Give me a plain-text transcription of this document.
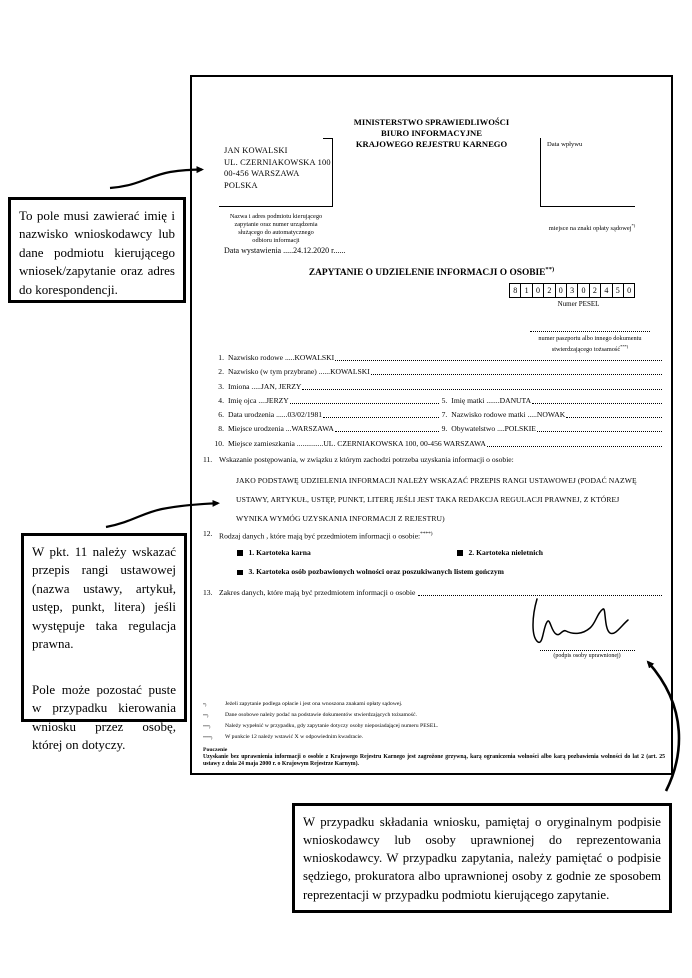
To pole musi zawierać imię i nazwisko wnioskodawcy lub dane podmiotu kierującego wniosek/zapytanie oraz adres do korespondencji.

W pkt. 11 należy wskazać przepis rangi ustawowej (nazwa ustawy, artykuł, ustęp, punkt, litera) jeśli występuje taka regulacja prawna.

Pole może pozostać puste w przypadku kierowania wniosku przez osobę, której on dotyczy.

W przypadku składania wniosku, pamiętaj o oryginalnym podpisie wnioskodawcy lub osoby uprawnionej do reprezentowania wnioskodawcy. W przypadku zapytania, należy pamiętać o podpisie sędziego, prokuratora albo uprawnionej osoby z godnie ze sposobem reprezentacji w przypadku podmiotu kierującego zapytanie.

MINISTERSTWO SPRAWIEDLIWOŚCI
BIURO INFORMACYJNE
KRAJOWEGO REJESTRU KARNEGO
JAN KOWALSKI
UL. CZERNIAKOWSKA 100
00-456 WARSZAWA
POLSKA
Nazwa i adres podmiotu kierującego
zapytanie oraz numer urządzenia
służącego do automatycznego
odbioru informacji
Data wpływu
miejsce na znaki opłaty sądowej*)
Data wystawienia .....24.12.2020 r......
ZAPYTANIE O UDZIELENIE INFORMACJI O OSOBIE**)
8 1 0 2 0 3 0 2 4 5 0
Numer PESEL
numer paszportu albo innego dokumentu
stwierdzającego tożsamość***)
1. Nazwisko rodowe
.....KOWALSKI
2. Nazwisko (w tym przybrane)
......KOWALSKI
3. Imiona
.....JAN, JERZY
4. Imię ojca
....JERZY	5. Imię matki
.......DANUTA
6. Data urodzenia
......03/02/1981	7. Nazwisko rodowe matki
.....NOWAK
8. Miejsce urodzenia
...WARSZAWA	9. Obywatelstwo
....POLSKIE
10. Miejsce zamieszkania
..............UL. CZERNIAKOWSKA 100, 00-456 WARSZAWA
11. Wskazanie postępowania, w związku z którym zachodzi potrzeba uzyskania informacji o osobie:
JAKO PODSTAWĘ UDZIELENIA INFORMACJI NALEŻY WSKAZAĆ PRZEPIS RANGI USTAWOWEJ (PODAĆ NAZWĘ USTAWY, ARTYKUŁ, USTĘP, PUNKT, LITERĘ JEŚLI JEST TAKA REDAKCJA REGULACJI PRAWNEJ, Z KTÓREJ WYNIKA WYMÓG UZYSKANIA INFORMACJI Z REJESTRU)
12. Rodzaj danych , które mają być przedmiotem informacji o osobie:****)
1. Kartoteka karna	2. Kartoteka nieletnich
3. Kartoteka osób pozbawionych wolności oraz poszukiwanych listem gończym
13. Zakres danych, które mają być przedmiotem informacji o osobie

(podpis osoby uprawnionej)
*)	Jeżeli zapytanie podlega opłacie i jest ona wnoszona znakami opłaty sądowej.
**)	Dane osobowe należy podać na podstawie dokumentów stwierdzających tożsamość.
***)	Należy wypełnić w przypadku, gdy zapytanie dotyczy osoby nieposiadającej numeru PESEL.
****)	W punkcie 12 należy wstawić X w odpowiednim kwadracie.
Pouczenie
Uzyskanie bez uprawnienia informacji o osobie z Krajowego Rejestru Karnego jest zagrożone grzywną, karą ograniczenia wolności albo karą pozbawienia wolności do lat 2 (art. 25 ustawy z dnia 24 maja 2000 r. o Krajowym Rejestrze Karnym).
